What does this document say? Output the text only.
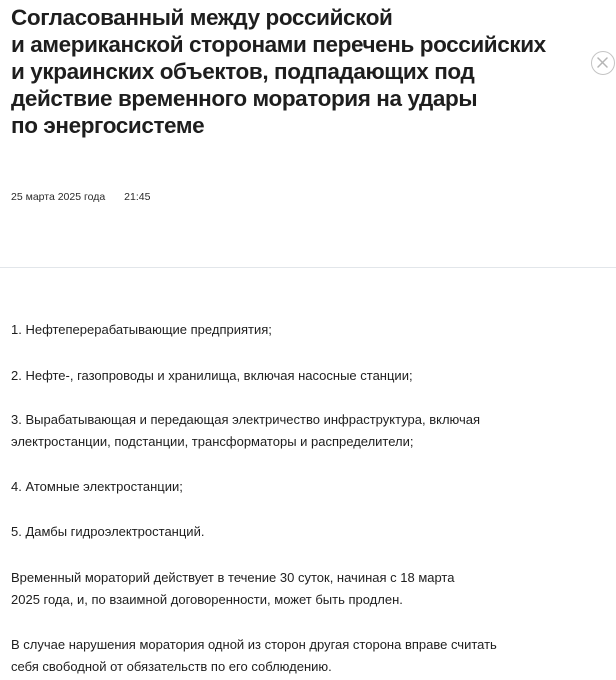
Согласованный между российской
и американской сторонами перечень российских
и украинских объектов, подпадающих под
действие временного моратория на удары
по энергосистеме
25 марта 2025 года 21:45
1. Нефтеперерабатывающие предприятия;
2. Нефте-, газопроводы и хранилища, включая насосные станции;
3. Вырабатывающая и передающая электричество инфраструктура, включая
электростанции, подстанции, трансформаторы и распределители;
4. Атомные электростанции;
5. Дамбы гидроэлектростанций.
Временный мораторий действует в течение 30 суток, начиная с 18 марта
2025 года, и, по взаимной договоренности, может быть продлен.
В случае нарушения моратория одной из сторон другая сторона вправе считать
себя свободной от обязательств по его соблюдению.
